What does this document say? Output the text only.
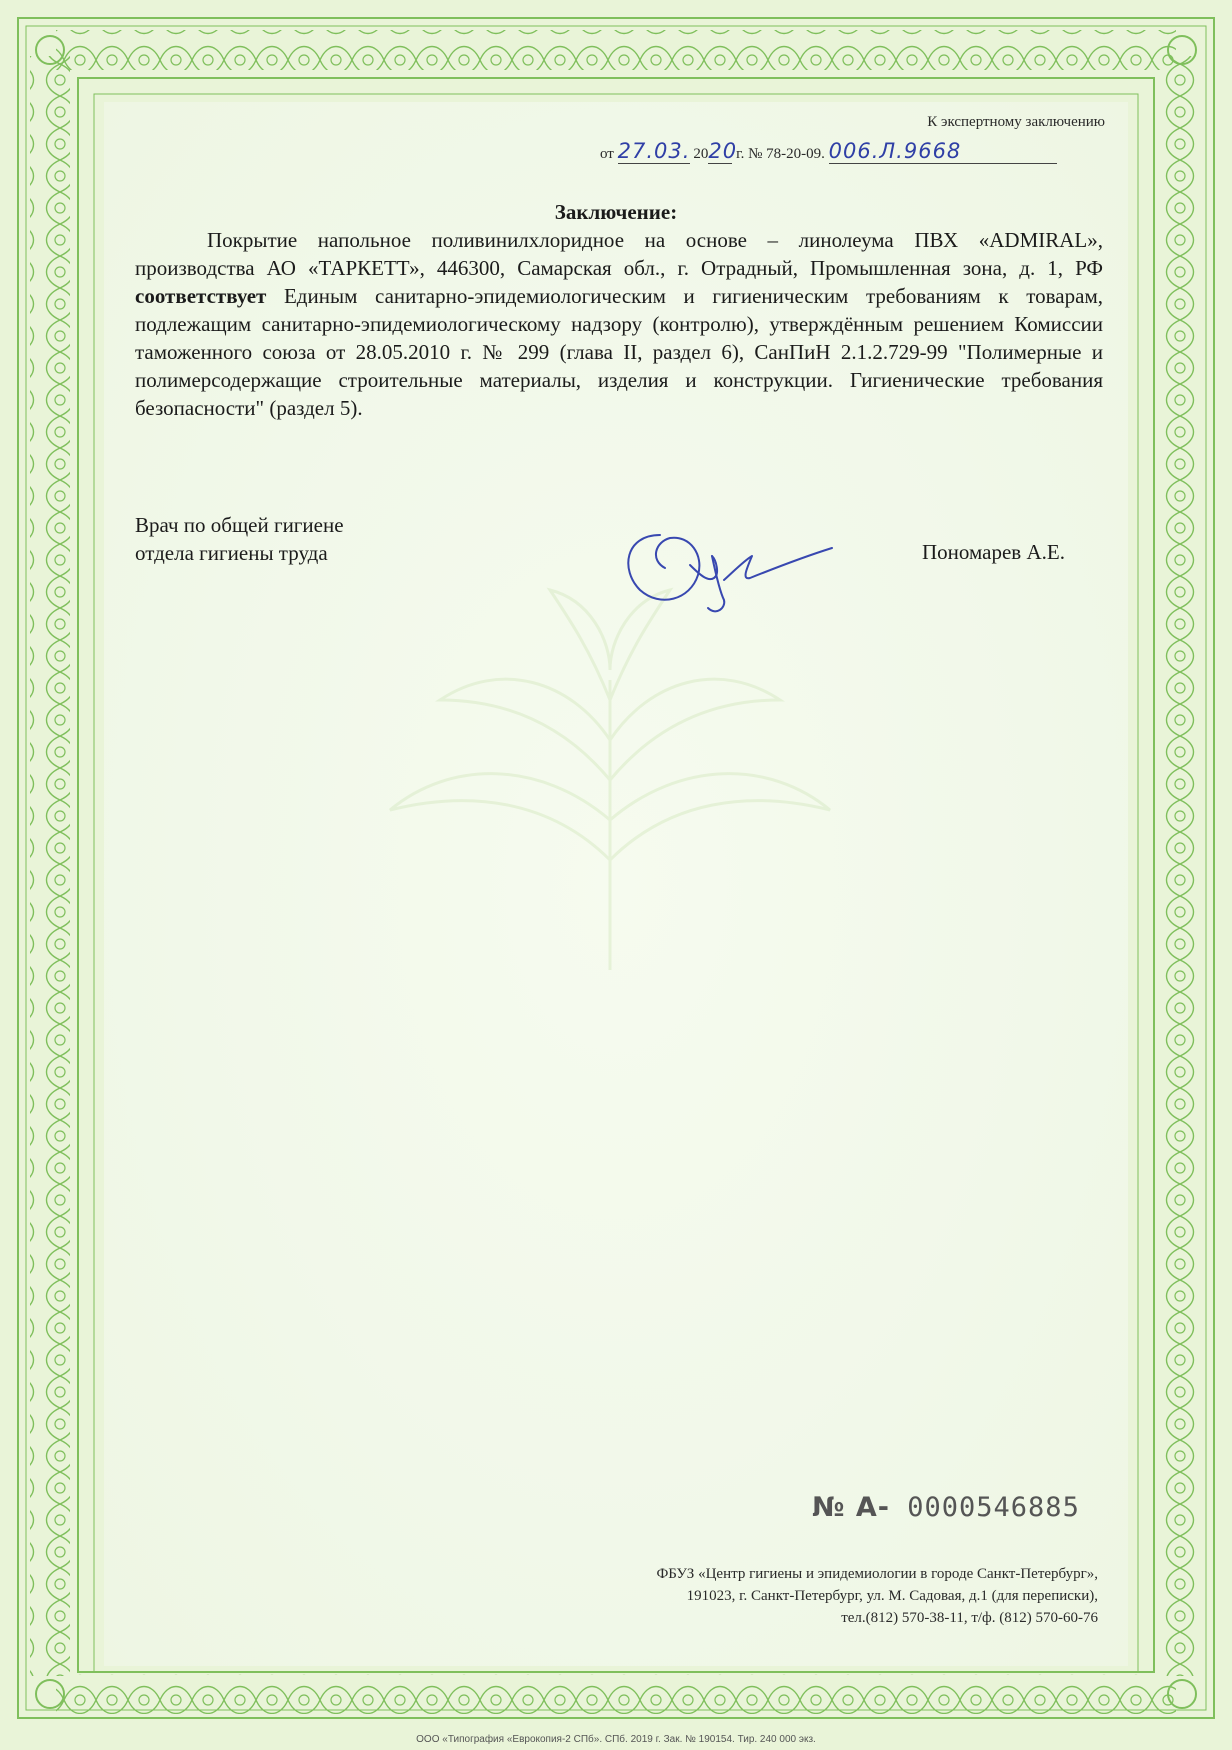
К экспертному заключению
от 27.03. 2020 г. № 78-20-09. 006.Л.9668
Заключение:
Покрытие напольное поливинилхлоридное на основе – линолеума ПВХ «ADMIRAL», производства АО «ТАРКЕТТ», 446300, Самарская обл., г. Отрадный, Промышленная зона, д. 1, РФ соответствует Единым санитарно-эпидемиологическим и гигиеническим требованиям к товарам, подлежащим санитарно-эпидемиологическому надзору (контролю), утверждённым решением Комиссии таможенного союза от 28.05.2010 г. № 299 (глава II, раздел 6), СанПиН 2.1.2.729-99 "Полимерные и полимерсодержащие строительные материалы, изделия и конструкции. Гигиенические требования безопасности" (раздел 5).
Врач по общей гигиене
отдела гигиены труда	Пономарев А.Е.
№ А- 0000546885
ФБУЗ «Центр гигиены и эпидемиологии в городе Санкт-Петербург»,
191023, г. Санкт-Петербург, ул. М. Садовая, д.1 (для переписки),
тел.(812) 570-38-11, т/ф. (812) 570-60-76
ООО «Типография «Еврокопия-2 СПб». СПб. 2019 г. Зак. № 190154. Тир. 240 000 экз.
